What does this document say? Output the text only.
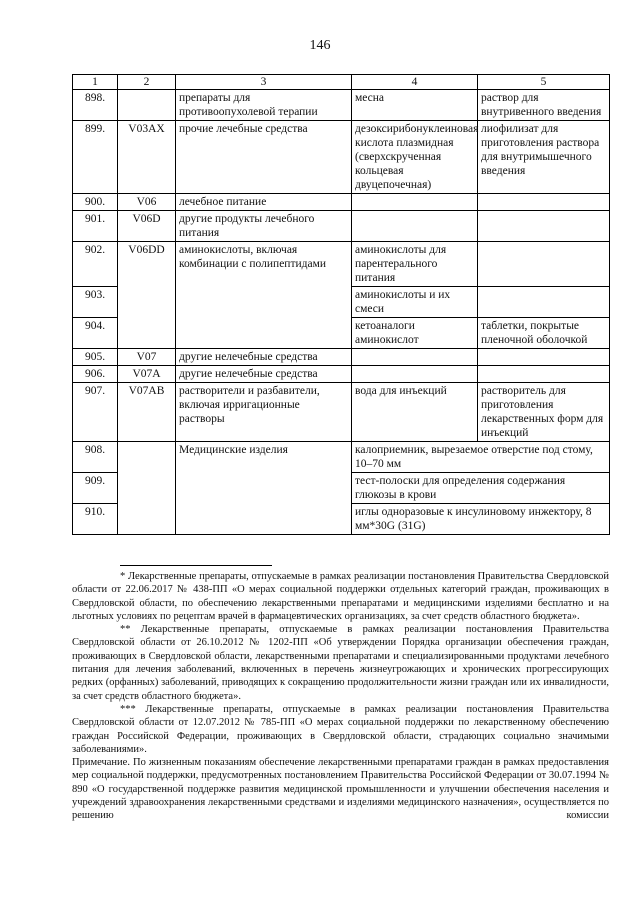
146
1	2	3	4	5
898.		препараты для противоопухолевой терапии	месна	раствор для внутривенного введения
899.	V03AX	прочие лечебные средства	дезоксирибонуклеиновая кислота плазмидная (сверхскрученная кольцевая двуцепочечная)	лиофилизат для приготовления раствора для внутримышечного введения
900.	V06	лечебное питание		
901.	V06D	другие продукты лечебного питания		
902.	V06DD	аминокислоты, включая комбинации с полипептидами	аминокислоты для парентерального питания	
903.			аминокислоты и их смеси	
904.			кетоаналоги аминокислот	таблетки, покрытые пленочной оболочкой
905.	V07	другие нелечебные средства		
906.	V07A	другие нелечебные средства		
907.	V07AB	растворители и разбавители, включая ирригационные растворы	вода для инъекций	растворитель для приготовления лекарственных форм для инъекций
908.		Медицинские изделия	калоприемник, вырезаемое отверстие под стому, 10–70 мм	
909.			тест-полоски для определения содержания глюкозы в крови	
910.			иглы одноразовые к инсулиновому инжектору, 8 мм*30G (31G)	

* Лекарственные препараты, отпускаемые в рамках реализации постановления Правительства Свердловской области от 22.06.2017 № 438-ПП «О мерах социальной поддержки отдельных категорий граждан, проживающих в Свердловской области, по обеспечению лекарственными препаратами и медицинскими изделиями бесплатно и на льготных условиях по рецептам врачей в фармацевтических организациях, за счет средств областного бюджета».

** Лекарственные препараты, отпускаемые в рамках реализации постановления Правительства Свердловской области от 26.10.2012 № 1202-ПП «Об утверждении Порядка организации обеспечения граждан, проживающих в Свердловской области, лекарственными препаратами и специализированными продуктами лечебного питания для лечения заболеваний, включенных в перечень жизнеугрожающих и хронических прогрессирующих редких (орфанных) заболеваний, приводящих к сокращению продолжительности жизни граждан или их инвалидности, за счет средств областного бюджета».

*** Лекарственные препараты, отпускаемые в рамках реализации постановления Правительства Свердловской области от 12.07.2012 № 785-ПП «О мерах социальной поддержки по лекарственному обеспечению граждан Российской Федерации, проживающих в Свердловской области, страдающих социально значимыми заболеваниями».

Примечание. По жизненным показаниям обеспечение лекарственными препаратами граждан в рамках предоставления мер социальной поддержки, предусмотренных постановлением Правительства Российской Федерации от 30.07.1994 № 890 «О государственной поддержке развития медицинской промышленности и улучшении обеспечения населения и учреждений здравоохранения лекарственными средствами и изделиями медицинского назначения», осуществляется по решению комиссии
